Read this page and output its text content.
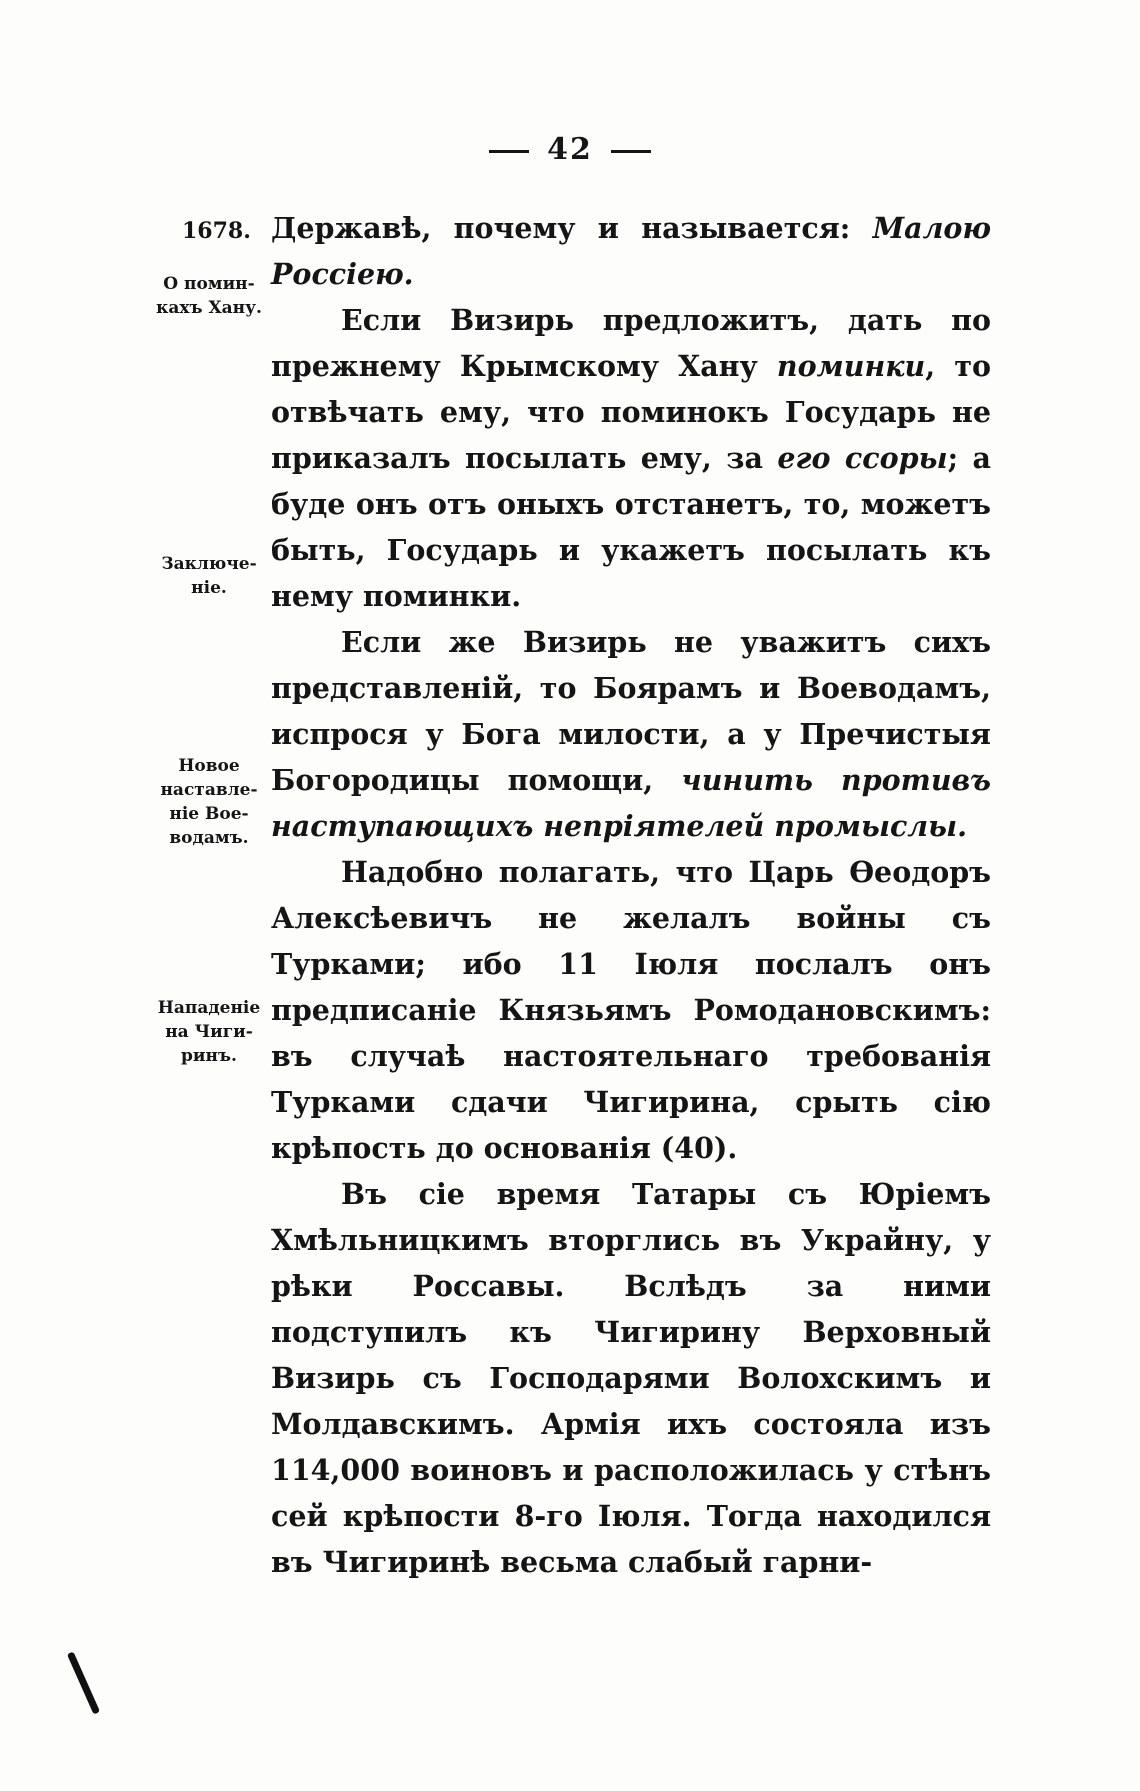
42
1678.
О помин-кахъ Хану.
Заключе-ніе.
Новое наставле-ніе Вое-водамъ.
Нападеніе на Чиги-ринъ.

Державѣ, почему и называется: Малою Россіею.

Если Визирь предложитъ, дать по прежнему Крымскому Хану поминки, то отвѣчать ему, что поминокъ Государь не приказалъ посылать ему, за его ссоры; а буде онъ отъ оныхъ отстанетъ, то, можетъ быть, Государь и укажетъ посылать къ нему поминки.

Если же Визирь не уважитъ сихъ представленій, то Боярамъ и Воеводамъ, испрося у Бога милости, а у Пречистыя Богородицы помощи, чинить противъ наступающихъ непріятелей промыслы.

Надобно полагать, что Царь Ѳеодоръ Алексѣевичъ не желалъ войны съ Турками; ибо 11 Іюля послалъ онъ предписаніе Князьямъ Ромодановскимъ: въ случаѣ настоятельнаго требованія Турками сдачи Чигирина, срыть сію крѣпость до основанія (40).

Въ сіе время Татары съ Юріемъ Хмѣльницкимъ вторглись въ Украйну, у рѣки Россавы. Вслѣдъ за ними подступилъ къ Чигирину Верховный Визирь съ Господарями Волохскимъ и Молдавскимъ. Армія ихъ состояла изъ 114,000 воиновъ и расположилась у стѣнъ сей крѣпости 8-го Іюля. Тогда находился въ Чигиринѣ весьма слабый гарни-
